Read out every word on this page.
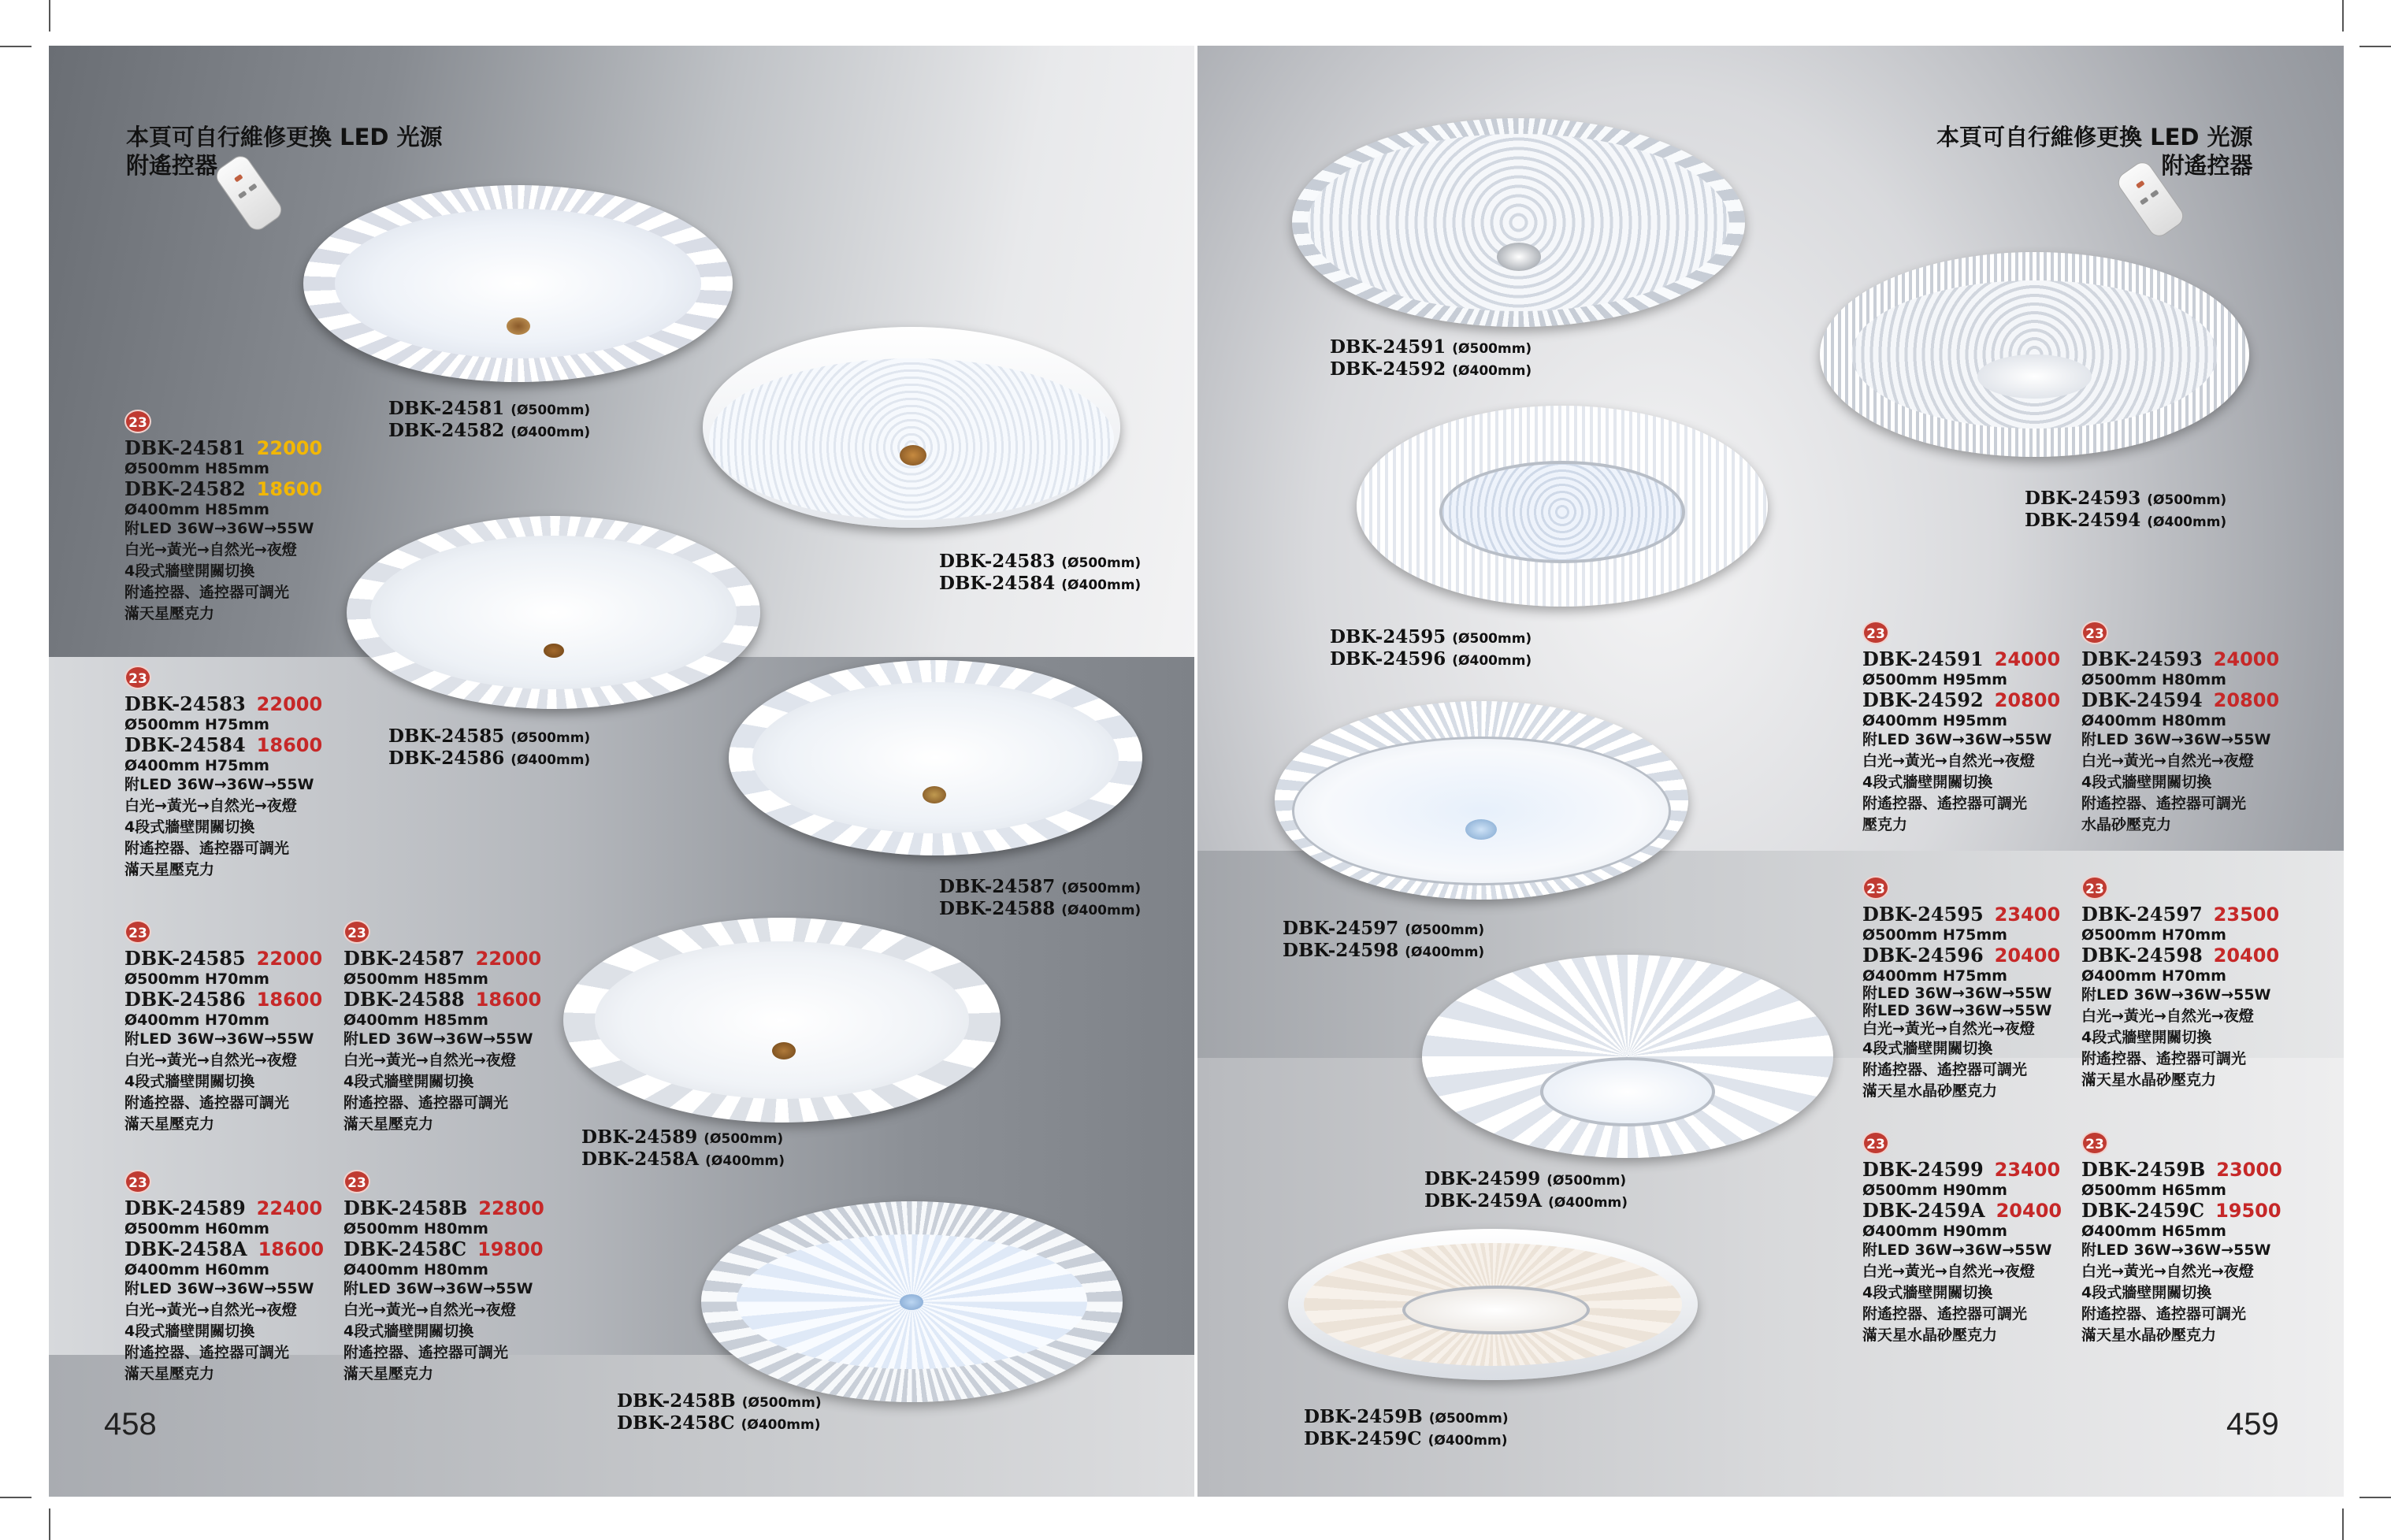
本頁可自行維修更換 LED 光源
附遙控器
本頁可自行維修更換 LED 光源
附遙控器
DBK-24581 (Ø500mm)
DBK-24582 (Ø400mm)
DBK-24583 (Ø500mm)
DBK-24584 (Ø400mm)
DBK-24585 (Ø500mm)
DBK-24586 (Ø400mm)
DBK-24587 (Ø500mm)
DBK-24588 (Ø400mm)
DBK-24589 (Ø500mm)
DBK-2458A (Ø400mm)
DBK-2458B (Ø500mm)
DBK-2458C (Ø400mm)
DBK-24591 (Ø500mm)
DBK-24592 (Ø400mm)
DBK-24593 (Ø500mm)
DBK-24594 (Ø400mm)
DBK-24595 (Ø500mm)
DBK-24596 (Ø400mm)
DBK-24597 (Ø500mm)
DBK-24598 (Ø400mm)
DBK-24599 (Ø500mm)
DBK-2459A (Ø400mm)
DBK-2459B (Ø500mm)
DBK-2459C (Ø400mm)
23
DBK-24581 22000
Ø500mm H85mm
DBK-24582 18600
Ø400mm H85mm
附LED 36W→36W→55W
白光→黃光→自然光→夜燈
4段式牆壁開關切換
附遙控器、遙控器可調光
滿天星壓克力
23
DBK-24583 22000
Ø500mm H75mm
DBK-24584 18600
Ø400mm H75mm
附LED 36W→36W→55W
白光→黃光→自然光→夜燈
4段式牆壁開關切換
附遙控器、遙控器可調光
滿天星壓克力
23
DBK-24585 22000
Ø500mm H70mm
DBK-24586 18600
Ø400mm H70mm
附LED 36W→36W→55W
白光→黃光→自然光→夜燈
4段式牆壁開關切換
附遙控器、遙控器可調光
滿天星壓克力
23
DBK-24587 22000
Ø500mm H85mm
DBK-24588 18600
Ø400mm H85mm
附LED 36W→36W→55W
白光→黃光→自然光→夜燈
4段式牆壁開關切換
附遙控器、遙控器可調光
滿天星壓克力
23
DBK-24589 22400
Ø500mm H60mm
DBK-2458A 18600
Ø400mm H60mm
附LED 36W→36W→55W
白光→黃光→自然光→夜燈
4段式牆壁開關切換
附遙控器、遙控器可調光
滿天星壓克力
23
DBK-2458B 22800
Ø500mm H80mm
DBK-2458C 19800
Ø400mm H80mm
附LED 36W→36W→55W
白光→黃光→自然光→夜燈
4段式牆壁開關切換
附遙控器、遙控器可調光
滿天星壓克力
23
DBK-24591 24000
Ø500mm H95mm
DBK-24592 20800
Ø400mm H95mm
附LED 36W→36W→55W
白光→黃光→自然光→夜燈
4段式牆壁開關切換
附遙控器、遙控器可調光
壓克力
23
DBK-24593 24000
Ø500mm H80mm
DBK-24594 20800
Ø400mm H80mm
附LED 36W→36W→55W
白光→黃光→自然光→夜燈
4段式牆壁開關切換
附遙控器、遙控器可調光
水晶砂壓克力
23
DBK-24595 23400
Ø500mm H75mm
DBK-24596 20400
Ø400mm H75mm
附LED 36W→36W→55W
附LED 36W→36W→55W
白光→黃光→自然光→夜燈
4段式牆壁開關切換
附遙控器、遙控器可調光
滿天星水晶砂壓克力
23
DBK-24597 23500
Ø500mm H70mm
DBK-24598 20400
Ø400mm H70mm
附LED 36W→36W→55W
白光→黃光→自然光→夜燈
4段式牆壁開關切換
附遙控器、遙控器可調光
滿天星水晶砂壓克力
23
DBK-24599 23400
Ø500mm H90mm
DBK-2459A 20400
Ø400mm H90mm
附LED 36W→36W→55W
白光→黃光→自然光→夜燈
4段式牆壁開關切換
附遙控器、遙控器可調光
滿天星水晶砂壓克力
23
DBK-2459B 23000
Ø500mm H65mm
DBK-2459C 19500
Ø400mm H65mm
附LED 36W→36W→55W
白光→黃光→自然光→夜燈
4段式牆壁開關切換
附遙控器、遙控器可調光
滿天星水晶砂壓克力
458	459
